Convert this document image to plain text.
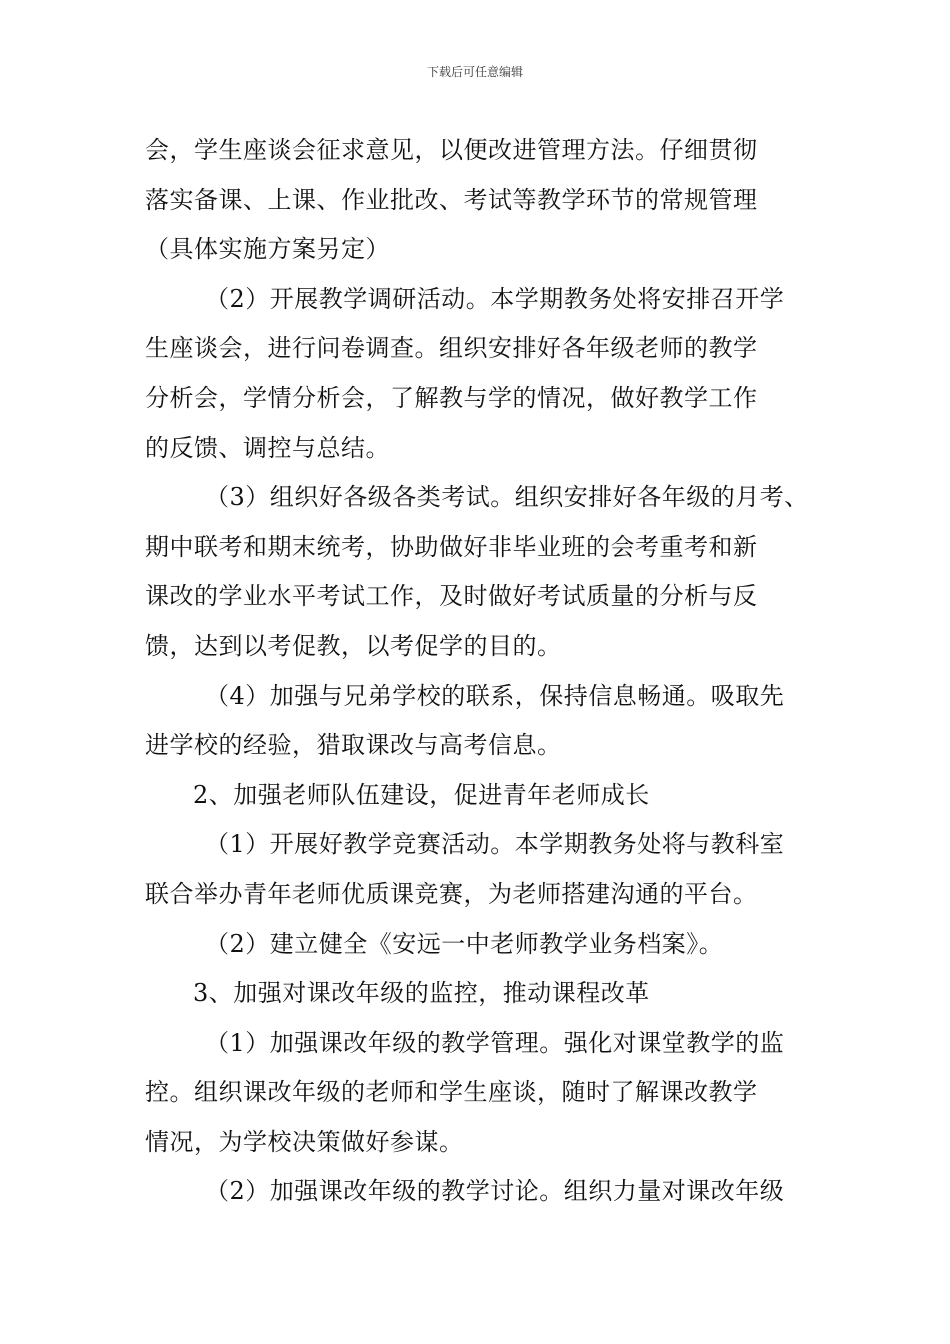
下载后可任意编辑
会，学生座谈会征求意见，以便改进管理方法。仔细贯彻
落实备课、上课、作业批改、考试等教学环节的常规管理
（具体实施方案另定）
（2）开展教学调研活动。本学期教务处将安排召开学
生座谈会，进行问卷调查。组织安排好各年级老师的教学
分析会，学情分析会，了解教与学的情况，做好教学工作
的反馈、调控与总结。
（3）组织好各级各类考试。组织安排好各年级的月考、
期中联考和期末统考，协助做好非毕业班的会考重考和新
课改的学业水平考试工作，及时做好考试质量的分析与反
馈，达到以考促教，以考促学的目的。
（4）加强与兄弟学校的联系，保持信息畅通。吸取先
进学校的经验，猎取课改与高考信息。
2、加强老师队伍建设，促进青年老师成长
（1）开展好教学竞赛活动。本学期教务处将与教科室
联合举办青年老师优质课竞赛，为老师搭建沟通的平台。
（2）建立健全《安远一中老师教学业务档案》。
3、加强对课改年级的监控，推动课程改革
（1）加强课改年级的教学管理。强化对课堂教学的监
控。组织课改年级的老师和学生座谈，随时了解课改教学
情况，为学校决策做好参谋。
（2）加强课改年级的教学讨论。组织力量对课改年级
